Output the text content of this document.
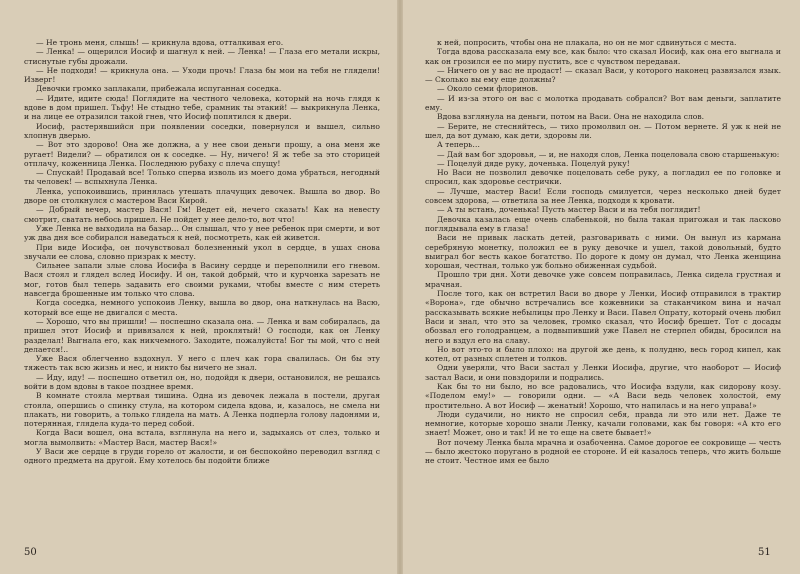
— Не тронь меня, слышь! — крикнула вдова, отталкивая его.

— Ленка! — ощерился Иосиф и шагнул к ней. — Ленка! — Глаза его метали искры, стиснутые губы дрожали.

— Не подходи! — крикнула она. — Уходи прочь! Глаза бы мои на тебя не глядели! Изверг!

Девочки громко заплакали, прибежала испуганная соседка.

— Идите, идите сюда! Поглядите на честного человека, который на ночь глядя к вдове в дом пришел. Тьфу! Не стыдно тебе, срамник ты этакий! — выкрикнула Ленка, и на лице ее отразился такой гнев, что Иосиф попятился к двери.

Иосиф, растерявшийся при появлении соседки, повернулся и вышел, сильно хлопнув дверью.

— Вот это здорово! Она же должна, а у нее свои деньги прошу, а она меня же ругает! Видели? — обратился он к соседке. — Ну, ничего! Я ж тебе за это сторицей отплачу, коженница Ленка. Последнюю рубаху с плеча спущу!

— Спускай! Продавай все! Только сперва изволь из моего дома убраться, негодный ты человек! — вспыхнула Ленка.

Ленка, успокоившись, принялась утешать плачущих девочек. Вышла во двор. Во дворе он столкнулся с мастером Васи Кирой.

— Добрый вечер, мастер Вася! Гм! Ведет ей, нечего сказать! Как на невесту смотрит, сватать небось пришел. Не пойдет у нее дело-то, вот что!

Уже Ленка не выходила на базар… Он слышал, что у нее ребенок при смерти, и вот уж два дня все собирался наведаться к ней, посмотреть, как ей живется.

При виде Иосифа, он почувствовал болезненный укол в сердце, в ушах снова звучали ее слова, словно призрак к месту.

Сильнее запали злые слова Иосифа в Васину сердце и переполнили его гневом. Вася стоял и глядел вслед Иосифу. И он, такой добрый, что и курчонка зарезать не мог, готов был теперь задавить его своими руками, чтобы вместе с ним стереть навсегда брошенные им только что слова.

Когда соседка, немного успокоив Ленку, вышла во двор, она наткнулась на Васю, который все еще не двигался с места.

— Хорошо, что вы пришли! — поспешно сказала она. — Ленка и вам собиралась, да пришел этот Иосиф и привязался к ней, проклятый! О господи, как он Ленку разделал! Выгнала его, как никчемного. Заходите, пожалуйста! Бог ты мой, что с ней делается!..

Уже Вася облегченно вздохнул. У него с плеч как гора свалилась. Он бы эту тяжесть так всю жизнь и нес, и никто бы ничего не знал.

— Иду, иду! — поспешно ответил он, но, подойдя к двери, остановился, не решаясь войти в дом вдовы в такое позднее время.

В комнате стояла мертвая тишина. Одна из девочек лежала в постели, другая стояла, опершись о спинку стула, на котором сидела вдова, и, казалось, не смела ни плакать, ни говорить, а только глядела на мать. А Ленка подперла голову ладонями и, потерянная, глядела куда-то перед собой.

Когда Васи вошел, она встала, взглянула на него и, задыхаясь от слез, только и могла вымолвить: «Мастер Вася, мастер Вася!»

У Васи же сердце в груди горело от жалости, и он беспокойно переводил взгляд с одного предмета на другой. Ему хотелось бы подойти ближе

к ней, попросить, чтобы она не плакала, но он не мог сдвинуться с места.

Тогда вдова рассказала ему все, как было: что сказал Иосиф, как она его выгнала и как он грозился ее по миру пустить, все с чувством передавая.

— Ничего он у вас не продаст! — сказал Васи, у которого наконец развязался язык. — Сколько вы ему еще должны?

— Около семи флоринов.

— И из-за этого он вас с молотка продавать собрался? Вот вам деньги, заплатите ему.

Вдова взглянула на деньги, потом на Васи. Она не находила слов.

— Берите, не стесняйтесь, — тихо промолвил он. — Потом вернете. Я уж к ней не шел, да вот думаю, как дети, здоровы ли.

А теперь…

— Дай вам бог здоровья, — и, не находя слов, Ленка поцеловала свою старшенькую:

— Поцелуй дяде руку, доченька. Поцелуй руку!

Но Васи не позволил девочке поцеловать себе руку, а погладил ее по головке и спросил, как здоровье сестрички.

— Лучше, мастер Васи! Если господь смилуется, через несколько дней будет совсем здорова, — ответила за нее Ленка, подходя к кровати.

— А ты встань, доченька! Пусть мастер Васи и на тебя поглядит!

Девочка казалась еще очень слабенькой, но была такая пригожая и так ласково поглядывала ему в глаза!

Васи не привык ласкать детей, разговаривать с ними. Он вынул из кармана серебряную монетку, положил ее в руку девочке и ушел, такой довольный, будто выиграл бог весть какое богатство. По дороге к дому он думал, что Ленка женщина хорошая, честная, только уж больно обиженная судьбой.

Прошло три дня. Хоти девочке уже совсем поправилась, Ленка сидела грустная и мрачная.

После того, как он встретил Васи во дворе у Ленки, Иосиф отправился в трактир «Ворона», где обычно встречались все кожевники за стаканчиком вина и начал рассказывать всякие небылицы про Ленку и Васи. Павел Опрату, который очень любил Васи и знал, что это за человек, громко сказал, что Иосиф брешет. Тот с досады обозвал его голодранцем, а подвыпивший уже Павел не стерпел обиды, бросился на него и вздул его на славу.

Но вот это-то и было плохо: на другой же день, к полудню, весь город кипел, как котел, от разных сплетен и толков.

Одни уверяли, что Васи застал у Ленки Иосифа, другие, что наоборот — Иосиф застал Васи, и они повздорили и подрались.

Как бы то ни было, но все радовались, что Иосифа вздули, как сидорову козу. «Поделом ему!» — говорили одни. — «А Васи ведь человек холостой, ему простительно. А вот Иосиф — женатый! Хорошо, что напилась и на него управа!»

Люди судачили, но никто не спросил себя, правда ли это или нет. Даже те немногие, которые хорошо знали Ленку, качали головами, как бы говоря: «А кто его знает! Может, оно и так! И не то еще на свете бывает!»

Вот почему Ленка была мрачна и озабоченна. Самое дорогое ее сокровище — честь — было жестоко поругано в родной ее стороне. И ей казалось теперь, что жить больше не стоит. Честное имя ее было

50	51
